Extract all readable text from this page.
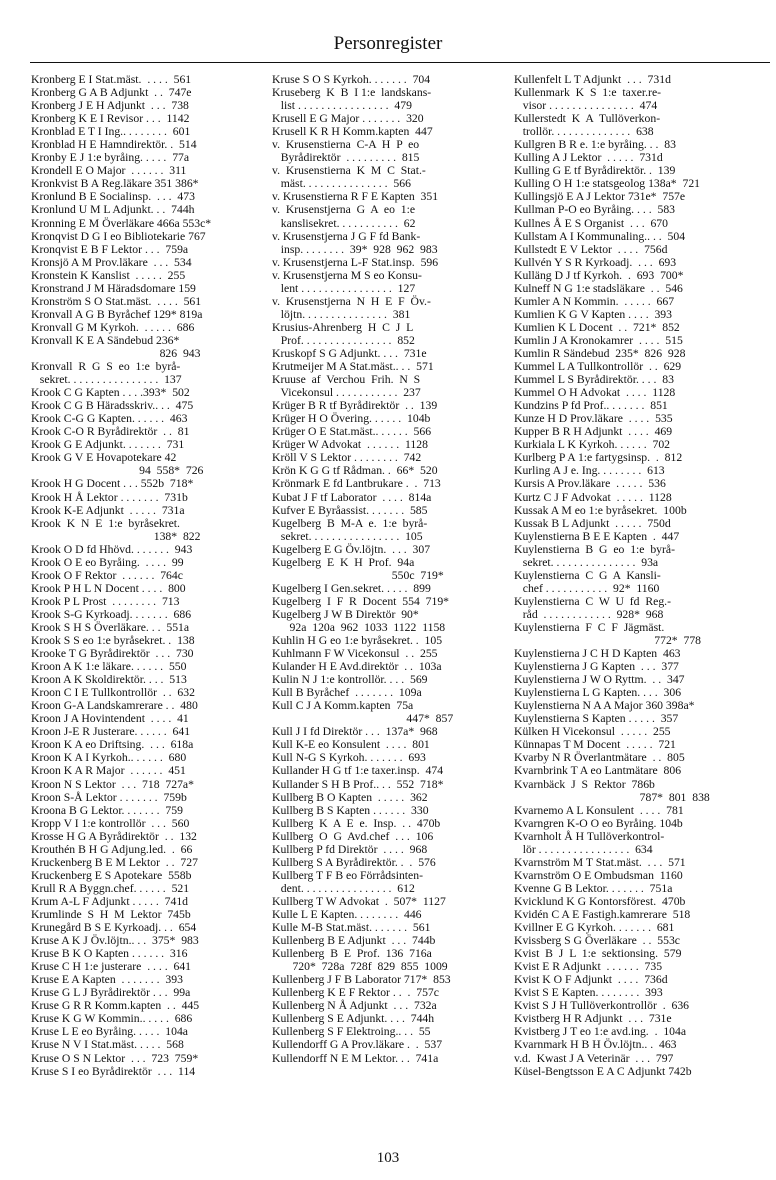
Personregister
Kronberg E I Stat.mäst.  . . . .  561
Kronberg G A B Adjunkt  . .  747e
Kronberg J E H Adjunkt  . . .  738
Kronberg K E I Revisor . . .  1142
Kronblad E T I Ing.. . . . . . . .  601
Kronblad H E Hamndirektör. .  514
Kronby E J 1:e byråing. . . . .  77a
Krondell E O Major  . . . . . .  311
Kronkvist B A Reg.läkare 351 386*
Kronlund B E Socialinsp.  . . .  473
Kronlund U M L Adjunkt. . .  744h
Kronning E M Överläkare 466a 553c*
Kronqvist D G I eo Bibliotekarie 767
Kronqvist E B F Lektor . . .  759a
Kronsjö A M Prov.läkare  . . .  534
Kronstein K Kanslist  . . . . .  255
Kronstrand J M Häradsdomare 159
Kronström S O Stat.mäst.  . . . .  561
Kronvall A G B Byråchef 129* 819a
Kronvall G M Kyrkoh.  . . . . .  686
Kronvall K E A Sändebud 236*
826  943
Kronvall  R  G  S  eo  1:e  byrå-
sekret. . . . . . . . . . . . . . . .  137
Krook C G Kapten . . . .393*  502
Krook C G B Häradsskriv.. . .  475
Krook C-G G Kapten. . . . . .  463
Krook C-O R Byrådirektör  . .  81
Krook G E Adjunkt. . . . . . .  731
Krook G V E Hovapotekare 42
94  558*  726
Krook H G Docent . . . 552b  718*
Krook H Å Lektor . . . . . . .  731b
Krook K-E Adjunkt  . . . . .  731a
Krook  K  N  E  1:e  byråsekret.
138*  822
Krook O D fd Hhövd. . . . . . .  943
Krook O E eo Byråing.  . . . .  99
Krook O F Rektor  . . . . . .  764c
Krook P H L N Docent . . . .  800
Krook P L Prost  . . . . . . . .  713
Krook S-G Kyrkoadj. . . . . . .  686
Krook S H S Överläkare. . .  551a
Krook S S eo 1:e byråsekret. .  138
Krooke T G Byrådirektör  . . .  730
Kroon A K 1:e läkare. . . . . .  550
Kroon A K Skoldirektör. . . .  513
Kroon C I E Tullkontrollör  . .  632
Kroon G-A Landskamrerare . .  480
Kroon J A Hovintendent  . . . .  41
Kroon J-E R Justerare. . . . . .  641
Kroon K A eo Driftsing.  . . .  618a
Kroon K A I Kyrkoh.. . . . . .  680
Kroon K A R Major  . . . . . .  451
Kroon N S Lektor  . . .  718  727a*
Kroon S-Å Lektor . . . . . . .  759b
Kroona B G Lektor. . . . . . .  759
Kropp V I 1:e kontrollör  . . .  560
Krosse H G A Byrådirektör  . .  132
Krouthén B H G Adjung.led.  .  66
Kruckenberg B E M Lektor  . .  727
Kruckenberg E S Apotekare  558b
Krull R A Byggn.chef. . . . . .  521
Krum A-L F Adjunkt . . . . .  741d
Krumlinde  S  H  M  Lektor  745b
Krunegård B S E Kyrkoadj. . .  654
Kruse A K J Öv.löjtn.. . .  375*  983
Kruse B K O Kapten . . . . . .  316
Kruse C H 1:e justerare  . . . .  641
Kruse E A Kapten  . . . . . . .  393
Kruse G L J Byrådirektör . . .  99a
Kruse G R R Komm.kapten  . .  445
Kruse K G W Kommin.. . . . .  686
Kruse L E eo Byråing. . . . .  104a
Kruse N V I Stat.mäst. . . . .  568
Kruse O S N Lektor  . . .  723  759*
Kruse S I eo Byrådirektör  . . .  114
Kruse S O S Kyrkoh. . . . . . .  704
Kruseberg  K  B  I 1:e  landskans-
list . . . . . . . . . . . . . . . .  479
Krusell E G Major . . . . . . .  320
Krusell K R H Komm.kapten  447
v.  Krusenstierna  C-A  H  P  eo
Byrådirektör  . . . . . . . . .  815
v.  Krusenstierna  K  M  C  Stat.-
mäst. . . . . . . . . . . . . . .  566
v. Krusenstierna R F E Kapten  351
v.  Krusenstjerna  G  A  eo  1:e
kanslisekret. . . . . . . . . . .  62
v. Krusenstjerna J G F fd Bank-
insp. . . . . . . .  39*  928  962  983
v. Krusenstjerna L-F Stat.insp.  596
v. Krusenstjerna M S eo Konsu-
lent . . . . . . . . . . . . . . . .  127
v.  Krusenstjerna  N  H  E  F  Öv.-
löjtn. . . . . . . . . . . . . . .  381
Krusius-Ahrenberg  H  C  J  L
Prof. . . . . . . . . . . . . . . .  852
Kruskopf S G Adjunkt. . . .  731e
Krutmeijer M A Stat.mäst.. . .  571
Kruuse  af  Verchou  Frih.  N  S
Vicekonsul . . . . . . . . . . .  237
Krüger B R tf Byrådirektör  . .  139
Krüger H O Övering. . . . . .  104b
Krüger O E Stat.mäst.. . . . . .  566
Krüger W Advokat  . . . . . .  1128
Kröll V S Lektor . . . . . . . .  742
Krön K G G tf Rådman. .  66*  520
Krönmark E fd Lantbrukare .  .  713
Kubat J F tf Laborator  . . . .  814a
Kufver E Byråassist. . . . . . .  585
Kugelberg  B  M-A  e.  1:e  byrå-
sekret. . . . . . . . . . . . . . . .  105
Kugelberg E G Öv.löjtn.  . . .  307
Kugelberg  E  K  H  Prof.  94a
550c  719*
Kugelberg I Gen.sekret. . . . .  899
Kugelberg  I  F  R  Docent  554  719*
Kugelberg J W B Direktör  90*
92a  120a  962  1033  1122  1158
Kuhlin H G eo 1:e byråsekret. .  105
Kuhlmann F W Vicekonsul  . .  255
Kulander H E Avd.direktör  . .  103a
Kulin N J 1:e kontrollör. . . .  569
Kull B Byråchef  . . . . . . .  109a
Kull C J A Komm.kapten  75a
447*  857
Kull J I fd Direktör . . .  137a*  968
Kull K-E eo Konsulent  . . . .  801
Kull N-G S Kyrkoh. . . . . . .  693
Kullander H G tf 1:e taxer.insp.  474
Kullander S H B Prof.. . .  552  718*
Kullberg B O Kapten  . . . . .  362
Kullberg B S Kapten . . . . . .  330
Kullberg  K  A  E  e.  Insp.  . .  470b
Kullberg  O  G  Avd.chef  . . .  106
Kullberg P fd Direktör  . . . .  968
Kullberg S A Byrådirektör. .  .  576
Kullberg T F B eo Förrådsinten-
dent. . . . . . . . . . . . . . . .  612
Kullberg T W Advokat  .  507*  1127
Kulle L E Kapten. . . . . . . .  446
Kulle M-B Stat.mäst. . . . . . .  561
Kullenberg B E Adjunkt  . . .  744b
Kullenberg  B  E  Prof.  136  716a
720*  728a  728f  829  855  1009
Kullenberg J F B Laborator 717*  853
Kullenberg K E F Rektor . .  .  757c
Kullenberg N Å Adjunkt  . . .  732a
Kullenberg S E Adjunkt. . . .  744h
Kullenberg S F Elektroing.. . .  55
Kullendorff G A Prov.läkare .  .  537
Kullendorff N E M Lektor. . .  741a
Kullenfelt L T Adjunkt  . . .  731d
Kullenmark  K  S  1:e  taxer.re-
visor . . . . . . . . . . . . . . .  474
Kullerstedt  K  A  Tullöverkon-
trollör. . . . . . . . . . . . . .  638
Kullgren B R e. 1:e byråing. . .  83
Kulling A J Lektor  . . . . .  731d
Kulling G E tf Byrådirektör. .  139
Kulling O H 1:e statsgeolog 138a*  721
Kullingsjö E A J Lektor 731e*  757e
Kullman P-O eo Byråing. . . .  583
Kullnes Å E S Organist  . . .  670
Kullstam A I Kommunaling.. . .  504
Kullstedt E V Lektor  . . . .  756d
Kullvén Y S R Kyrkoadj.  . . .  693
Kulläng D J tf Kyrkoh.  .  693  700*
Kulneff N G 1:e stadsläkare  . .  546
Kumler A N Kommin.  . . . . .  667
Kumlien K G V Kapten . . . .  393
Kumlien K L Docent  . .  721*  852
Kumlin J A Kronokamrer  . . . .  515
Kumlin R Sändebud  235*  826  928
Kummel L A Tullkontrollör  . .  629
Kummel L S Byrådirektör. . . .  83
Kummel O H Advokat  . . . .  1128
Kundzins P fd Prof.. . . . . . .  851
Kunze H D Prov.läkare  . . . .  535
Kupper B R H Adjunkt  . . . .  469
Kurkiala L K Kyrkoh. . . . . .  702
Kurlberg P A 1:e fartygsinsp.  .  812
Kurling A J e. Ing. . . . . . . .  613
Kursis A Prov.läkare  . . . . .  536
Kurtz C J F Advokat  . . . . .  1128
Kussak A M eo 1:e byråsekret.  100b
Kussak B L Adjunkt  . . . . .  750d
Kuylenstierna B E E Kapten  .  447
Kuylenstierna  B  G  eo  1:e  byrå-
sekret. . . . . . . . . . . . . . .  93a
Kuylenstierna  C  G  A  Kansli-
chef . . . . . . . . . . .  92*  1160
Kuylenstierna  C  W  U  fd  Reg.-
råd  . . . . . . . . . . . .  928*  968
Kuylenstierna  F  C  F  Jägmäst.
772*  778
Kuylenstierna J C H D Kapten  463
Kuylenstierna J G Kapten  . . .  377
Kuylenstierna J W O Ryttm.  . .  347
Kuylenstierna L G Kapten. . . .  306
Kuylenstierna N A A Major 360 398a*
Kuylenstierna S Kapten . . . . .  357
Külken H Vicekonsul  . . . . .  255
Künnapas T M Docent  . . . . .  721
Kvarby N R Överlantmätare  . .  805
Kvarnbrink T A eo Lantmätare  806
Kvarnbäck  J  S  Rektor  786b
787*  801  838
Kvarnemo A L Konsulent  . . . .  781
Kvarngren K-O O eo Byråing. 104b
Kvarnholt Å H Tullöverkontrol-
lör . . . . . . . . . . . . . . . .  634
Kvarnström M T Stat.mäst.  . . .  571
Kvarnström O E Ombudsman  1160
Kvenne G B Lektor. . . . . . .  751a
Kvicklund K G Kontorsförest.  470b
Kvidén C A E Fastigh.kamrerare  518
Kvillner E G Kyrkoh. . . . . . .  681
Kvissberg S G Överläkare  . .  553c
Kvist  B  J  L  1:e  sektionsing.  579
Kvist E R Adjunkt  . . . . . .  735
Kvist K O F Adjunkt  . . . .  736d
Kvist S E Kapten. . . . . . . .  393
Kvist S J H Tullöverkontrollör  .  636
Kvistberg H R Adjunkt  . . .  731e
Kvistberg J T eo 1:e avd.ing.  .  104a
Kvarnmark H B H Öv.löjtn.. .  463
v.d.  Kwast J A Veterinär  . . .  797
Küsel-Bengtsson E A C Adjunkt 742b
103
